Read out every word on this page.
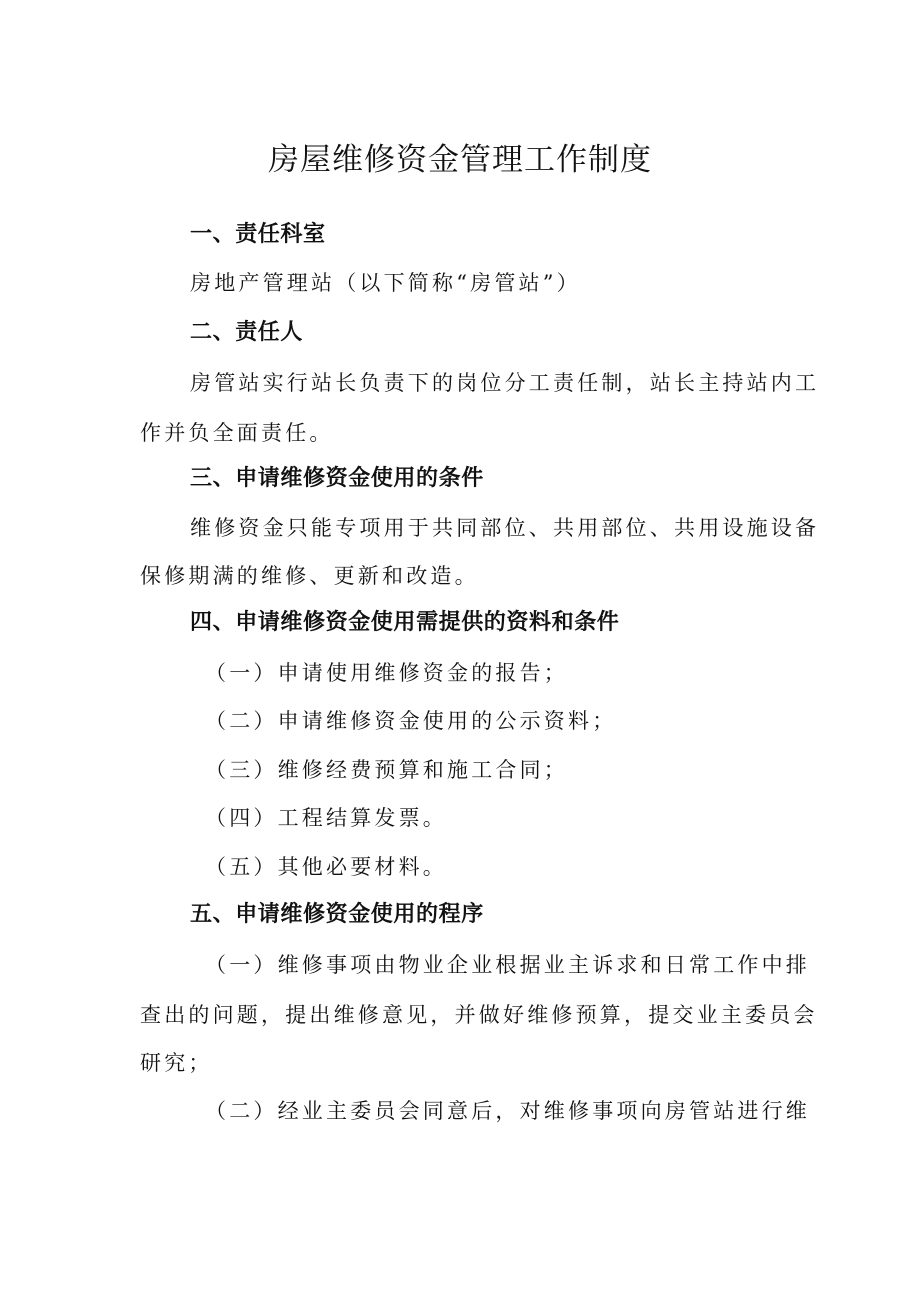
房屋维修资金管理工作制度
一、责任科室
房地产管理站（以下简称“房管站”）
二、责任人
房管站实行站长负责下的岗位分工责任制，站长主持站内工
作并负全面责任。
三、申请维修资金使用的条件
维修资金只能专项用于共同部位、共用部位、共用设施设备
保修期满的维修、更新和改造。
四、申请维修资金使用需提供的资料和条件
（一）申请使用维修资金的报告；
（二）申请维修资金使用的公示资料；
（三）维修经费预算和施工合同；
（四）工程结算发票。
（五）其他必要材料。
五、申请维修资金使用的程序
（一）维修事项由物业企业根据业主诉求和日常工作中排
查出的问题，提出维修意见，并做好维修预算，提交业主委员会
研究；
（二）经业主委员会同意后，对维修事项向房管站进行维
